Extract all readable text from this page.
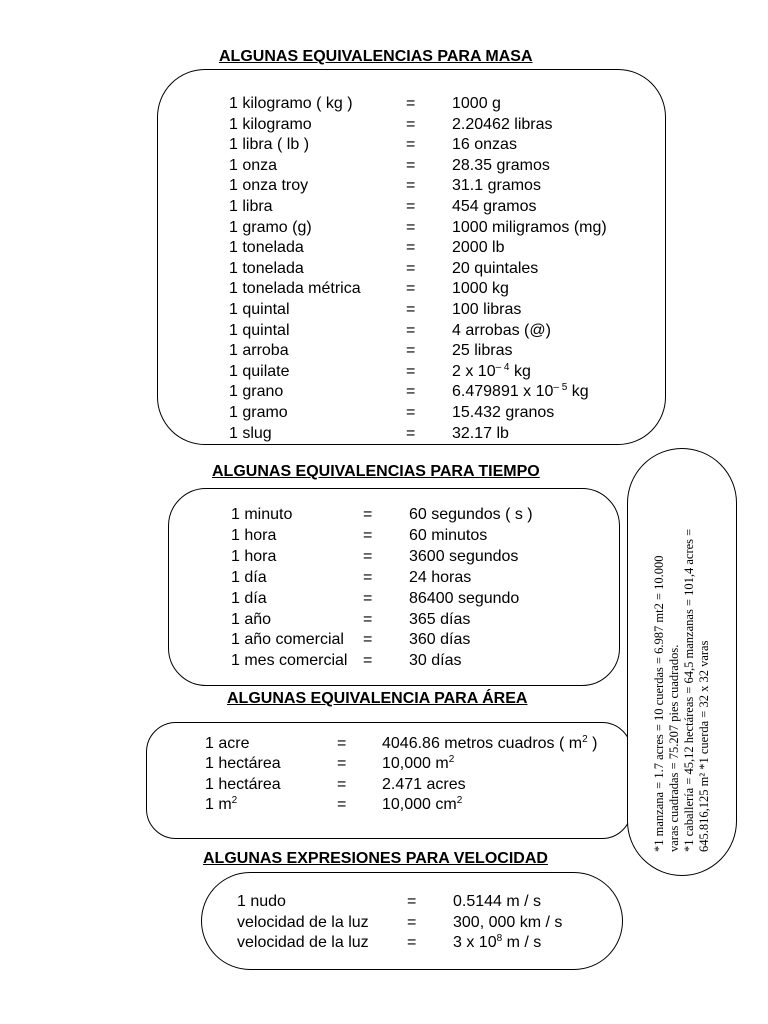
ALGUNAS EQUIVALENCIAS PARA MASA
1 kilogramo ( kg )	= 1000 g
1 kilogramo	= 2.20462 libras
1 libra ( lb )	= 16 onzas
1 onza	= 28.35 gramos
1 onza troy	= 31.1 gramos
1 libra	= 454 gramos
1 gramo (g)	= 1000 miligramos (mg)
1 tonelada	= 2000 lb
1 tonelada	= 20 quintales
1 tonelada métrica	= 1000 kg
1 quintal	= 100 libras
1 quintal	= 4 arrobas (@)
1 arroba	= 25 libras
1 quilate	= 2 x $10^{- 4}$ kg
1 grano	= 6.479891 x $10^{- 5}$ kg
1 gramo	= 15.432 granos
1 slug	= 32.17 lb
ALGUNAS EQUIVALENCIAS PARA TIEMPO
1 minuto	= 60 segundos ( s )
1 hora	= 60 minutos
1 hora	= 3600 segundos
1 día	= 24 horas
1 día	= 86400 segundo
1 año	= 365 días
1 año comercial = 360 días
1 mes comercial = 30 días
ALGUNAS EQUIVALENCIA PARA ÁREA
1 acre	= 4046.86 metros cuadros ( $m^2$ )
1 hectárea	= 10,000 $m^2$
1 hectárea	= 2.471 acres
1 $m^2$	= 10,000 $cm^2$
ALGUNAS EXPRESIONES PARA VELOCIDAD
1 nudo	= 0.5144 m / s
velocidad de la luz = 300, 000 km / s
velocidad de la luz = 3 x $10^8$ m / s
*1 manzana = 1.7 acres = 10 cuerdas = 6.987 mt2 = 10.000 varas cuadradas = 75.207 pies cuadrados. *1 caballería = 45,12 hectáreas = 64,5 manzanas = 101,4 acres = 645.816,125 m² *1 cuerda = 32 x 32 varas
